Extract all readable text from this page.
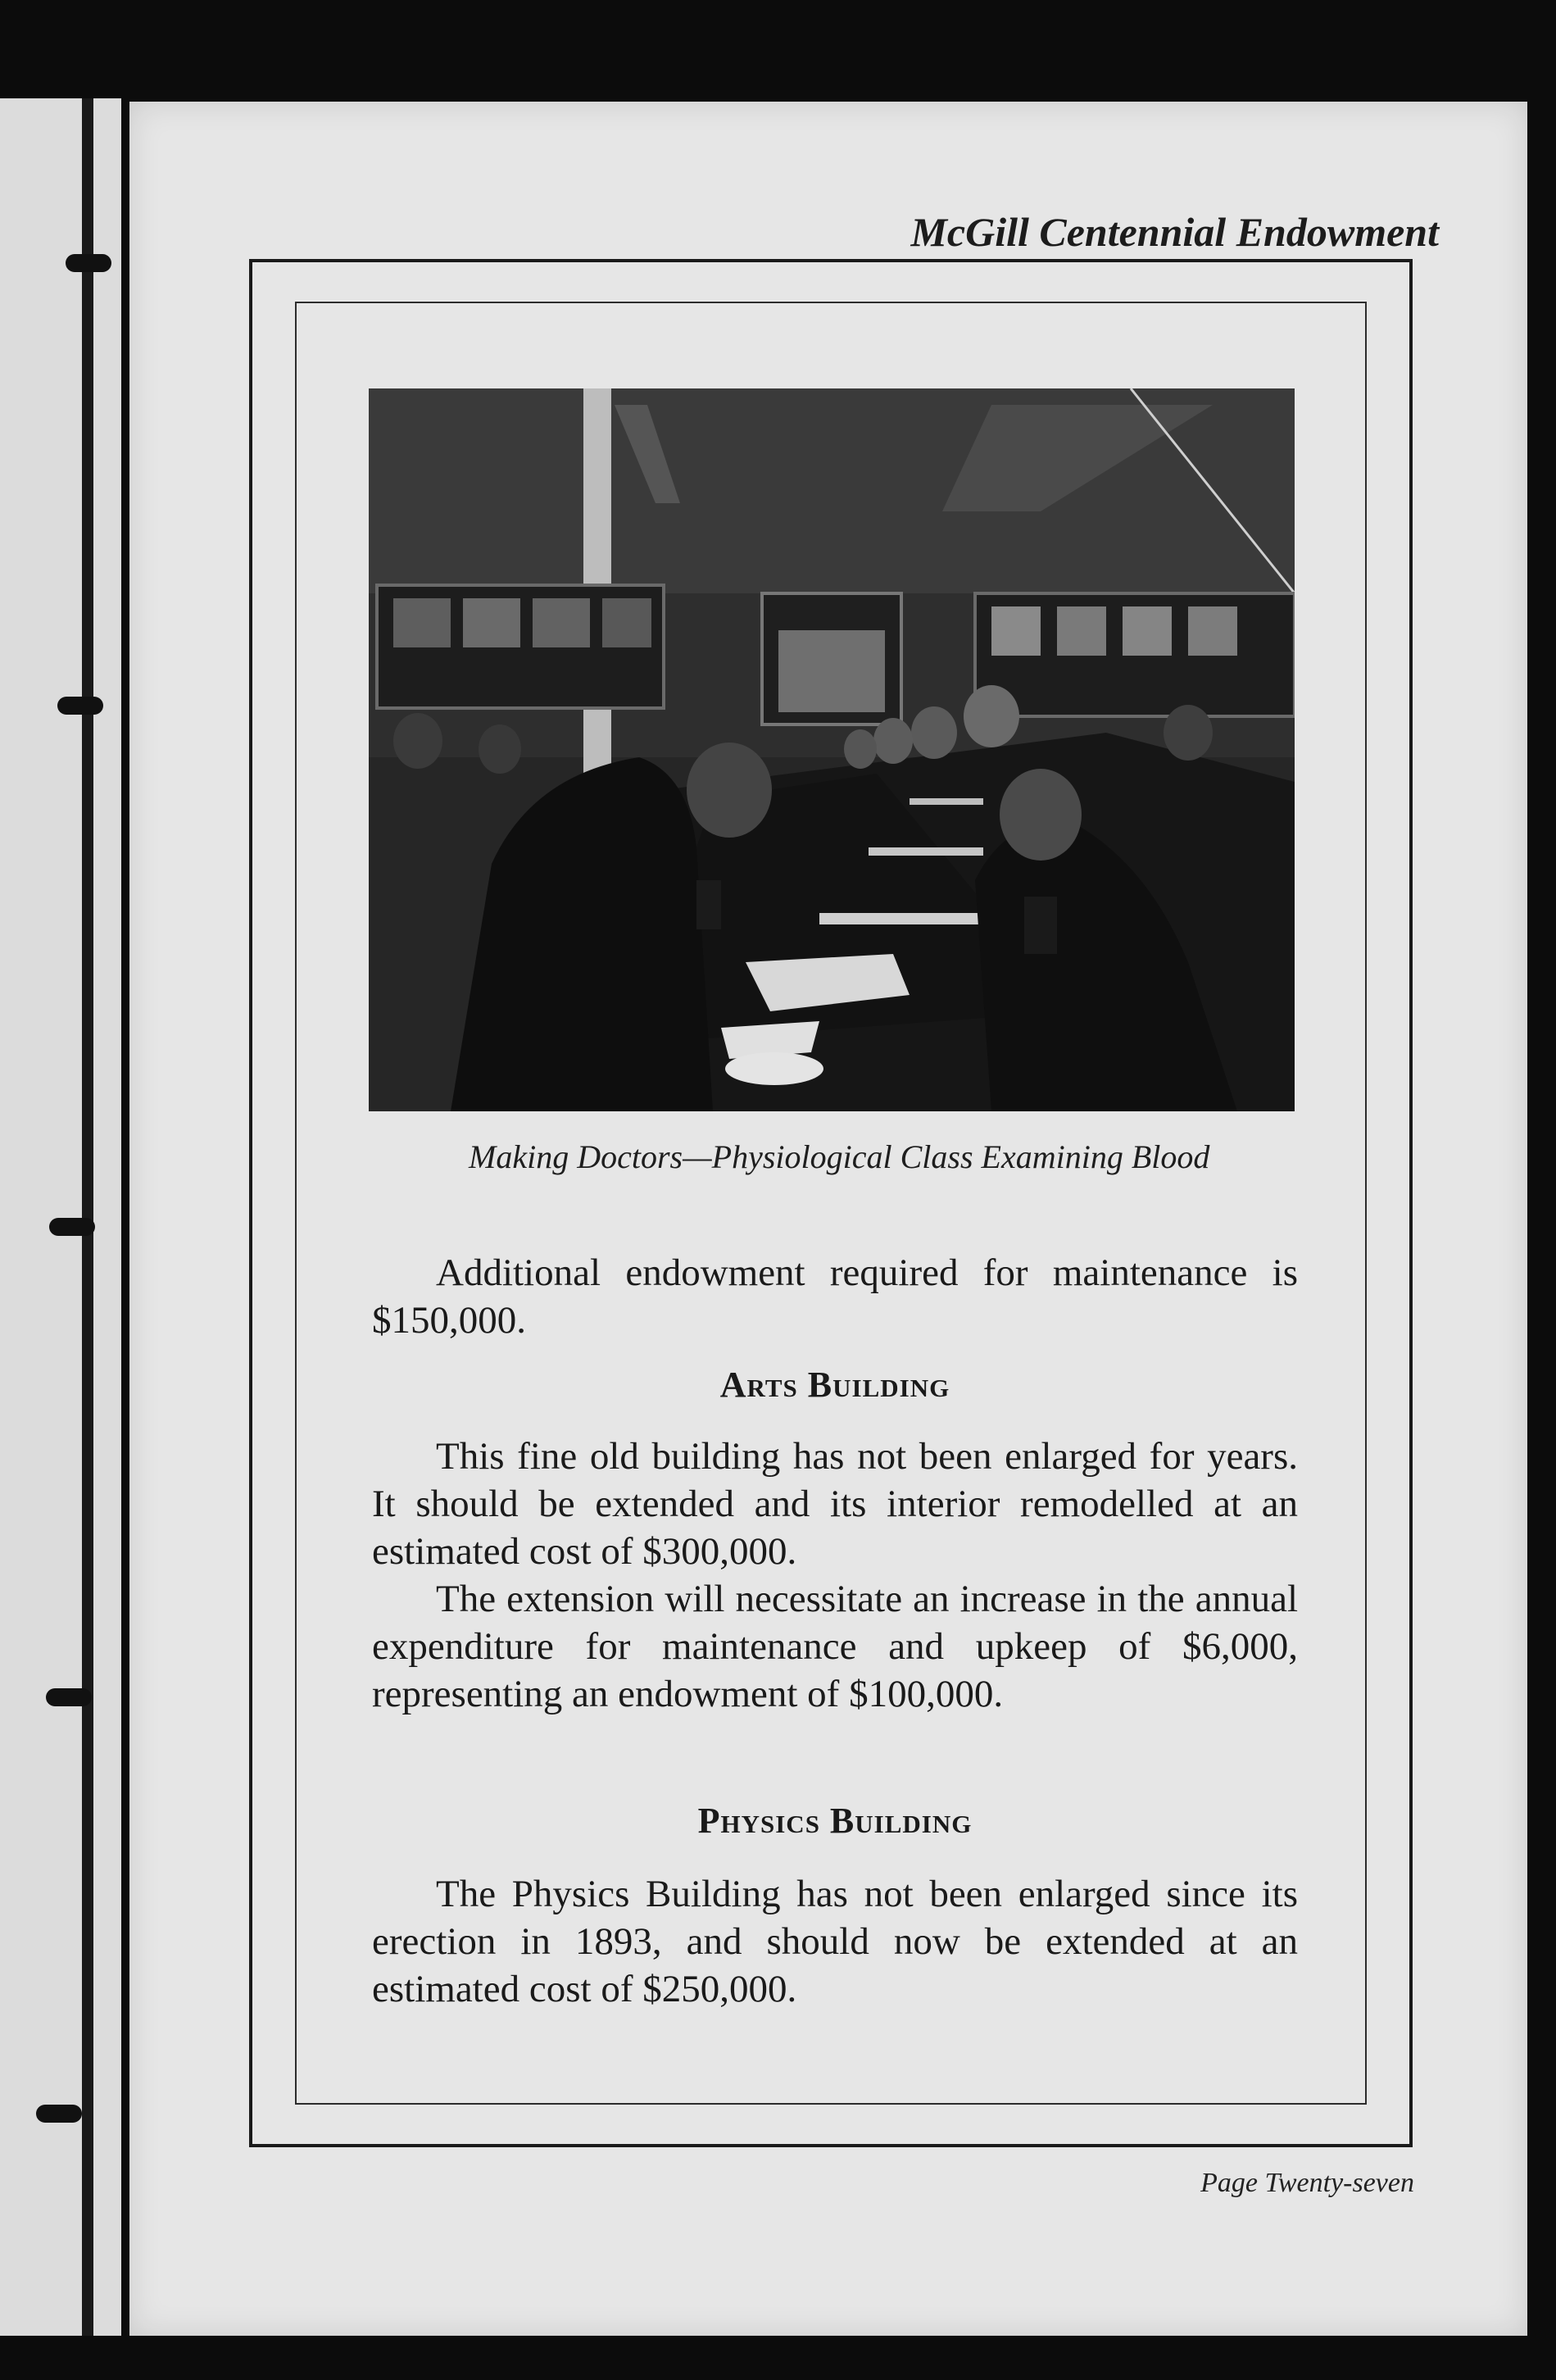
McGill Centennial Endowment

Making Doctors—Physiological Class Examining Blood

Additional endowment required for maintenance is $150,000.

Arts Building

This fine old building has not been enlarged for years. It should be extended and its interior remodelled at an estimated cost of $300,000.

The extension will necessitate an increase in the annual expenditure for maintenance and upkeep of $6,000, representing an endowment of $100,000.

Physics Building

The Physics Building has not been enlarged since its erection in 1893, and should now be extended at an estimated cost of $250,000.

Page Twenty-seven
